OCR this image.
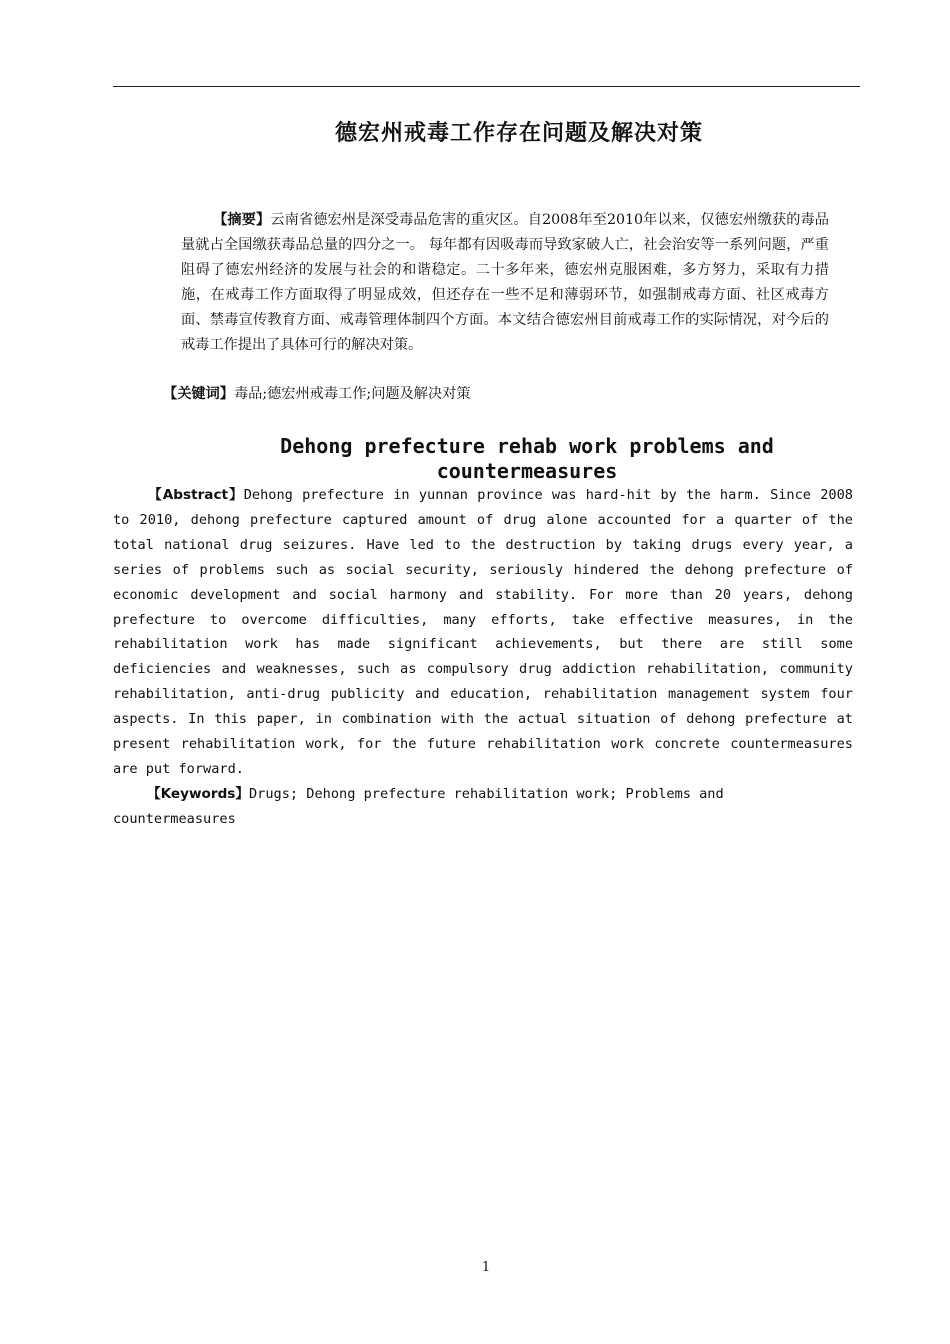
德宏州戒毒工作存在问题及解决对策
【摘要】云南省德宏州是深受毒品危害的重灾区。自2008年至2010年以来，仅德宏州缴获的毒品量就占全国缴获毒品总量的四分之一。 每年都有因吸毒而导致家破人亡，社会治安等一系列问题，严重阻碍了德宏州经济的发展与社会的和谐稳定。二十多年来，德宏州克服困难，多方努力，采取有力措施，在戒毒工作方面取得了明显成效，但还存在一些不足和薄弱环节，如强制戒毒方面、社区戒毒方面、禁毒宣传教育方面、戒毒管理体制四个方面。本文结合德宏州目前戒毒工作的实际情况，对今后的戒毒工作提出了具体可行的解决对策。
【关键词】毒品;德宏州戒毒工作;问题及解决对策
Dehong prefecture rehab work problems and countermeasures
【Abstract】Dehong prefecture in yunnan province was hard-hit by the harm. Since 2008 to 2010, dehong prefecture captured amount of drug alone accounted for a quarter of the total national drug seizures. Have led to the destruction by taking drugs every year, a series of problems such as social security, seriously hindered the dehong prefecture of economic development and social harmony and stability. For more than 20 years, dehong prefecture to overcome difficulties, many efforts, take effective measures, in the rehabilitation work has made significant achievements, but there are still some deficiencies and weaknesses, such as compulsory drug addiction rehabilitation, community rehabilitation, anti-drug publicity and education, rehabilitation management system four aspects. In this paper, in combination with the actual situation of dehong prefecture at present rehabilitation work, for the future rehabilitation work concrete countermeasures are put forward.
【Keywords】Drugs; Dehong prefecture rehabilitation work; Problems and countermeasures
1
